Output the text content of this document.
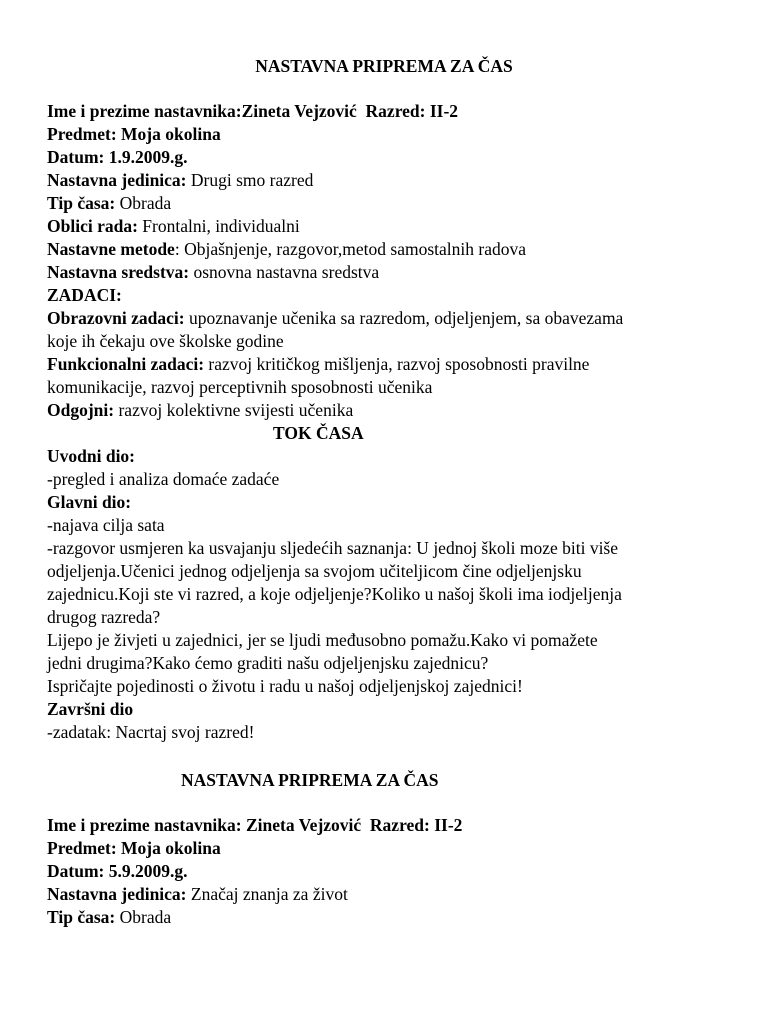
NASTAVNA PRIPREMA ZA ČAS
Ime i prezime nastavnika:Zineta Vejzović Razred: II-2
Predmet: Moja okolina
Datum: 1.9.2009.g.
Nastavna jedinica: Drugi smo razred
Tip časa: Obrada
Oblici rada: Frontalni, individualni
Nastavne metode: Objašnjenje, razgovor,metod samostalnih radova
Nastavna sredstva: osnovna nastavna sredstva
ZADACI:
Obrazovni zadaci: upoznavanje učenika sa razredom, odjeljenjem, sa obavezama
koje ih čekaju ove školske godine
Funkcionalni zadaci: razvoj kritičkog mišljenja, razvoj sposobnosti pravilne
komunikacije, razvoj perceptivnih sposobnosti učenika
Odgojni: razvoj kolektivne svijesti učenika
TOK ČASA
Uvodni dio:
-pregled i analiza domaće zadaće
Glavni dio:
-najava cilja sata
-razgovor usmjeren ka usvajanju sljedećih saznanja: U jednoj školi moze biti više
odjeljenja.Učenici jednog odjeljenja sa svojom učiteljicom čine odjeljenjsku
zajednicu.Koji ste vi razred, a koje odjeljenje?Koliko u našoj školi ima iodjeljenja
drugog razreda?
Lijepo je živjeti u zajednici, jer se ljudi međusobno pomažu.Kako vi pomažete
jedni drugima?Kako ćemo graditi našu odjeljenjsku zajednicu?
Ispričajte pojedinosti o životu i radu u našoj odjeljenjskoj zajednici!
Završni dio
-zadatak: Nacrtaj svoj razred!
NASTAVNA PRIPREMA ZA ČAS
Ime i prezime nastavnika: Zineta Vejzović Razred: II-2
Predmet: Moja okolina
Datum: 5.9.2009.g.
Nastavna jedinica: Značaj znanja za život
Tip časa: Obrada
